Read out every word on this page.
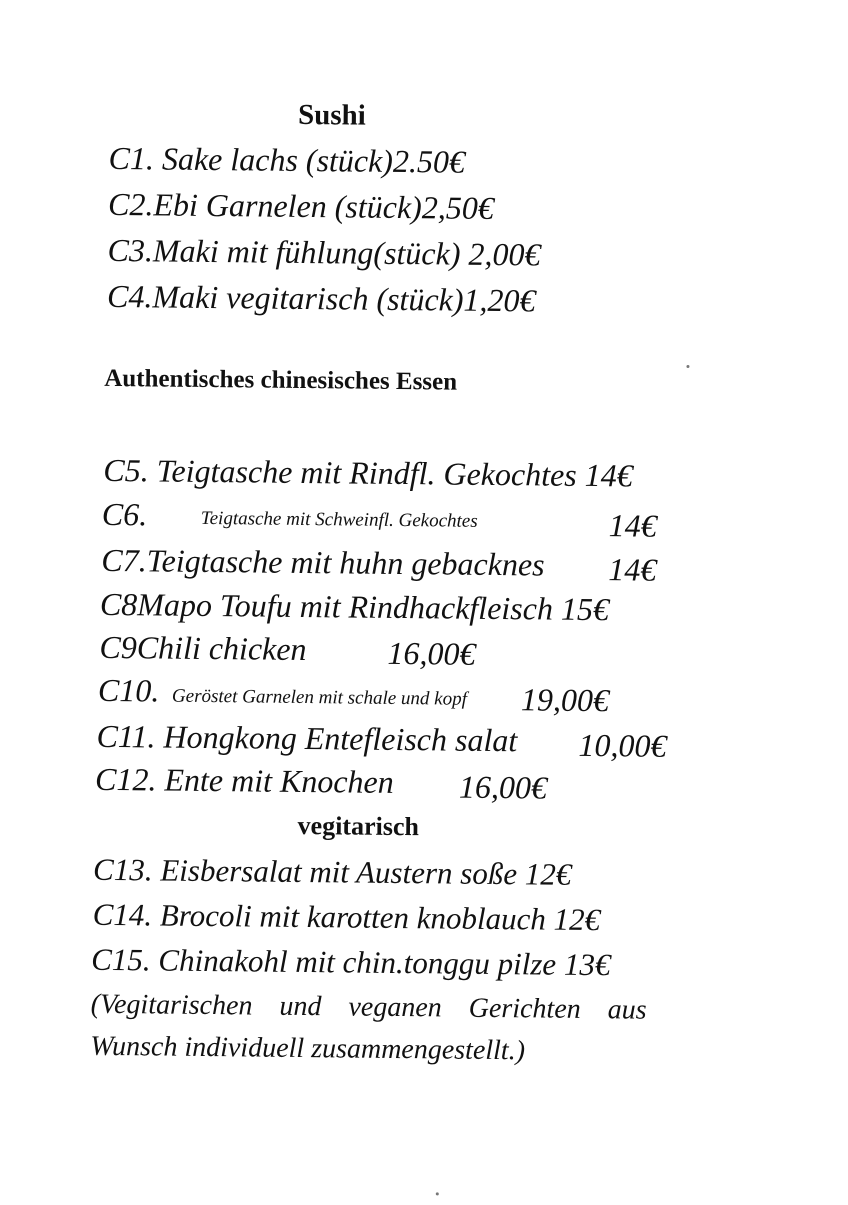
Sushi

C1. Sake lachs (stück)2.50€

C2.Ebi Garnelen (stück)2,50€

C3.Maki mit fühlung(stück) 2,00€

C4.Maki vegitarisch (stück)1,20€

Authentisches chinesisches Essen

C5. Teigtasche mit Rindfl. Gekochtes 14€

C6.	Teigtasche mit Schweinfl. Gekochtes	14€

C7.Teigtasche mit huhn gebacknes 14€

C8Mapo Toufu mit Rindhackfleisch 15€

C9Chili chicken	16,00€

C10. Geröstet Garnelen mit schale und kopf 19,00€

C11. Hongkong Entefleisch salat 10,00€

C12. Ente mit Knochen 16,00€

vegitarisch

C13. Eisbersalat mit Austern soße 12€

C14. Brocoli mit karotten knoblauch 12€

C15. Chinakohl mit chin.tonggu pilze 13€

(Vegitarischen und veganen Gerichten aus

Wunsch individuell zusammengestellt.)
